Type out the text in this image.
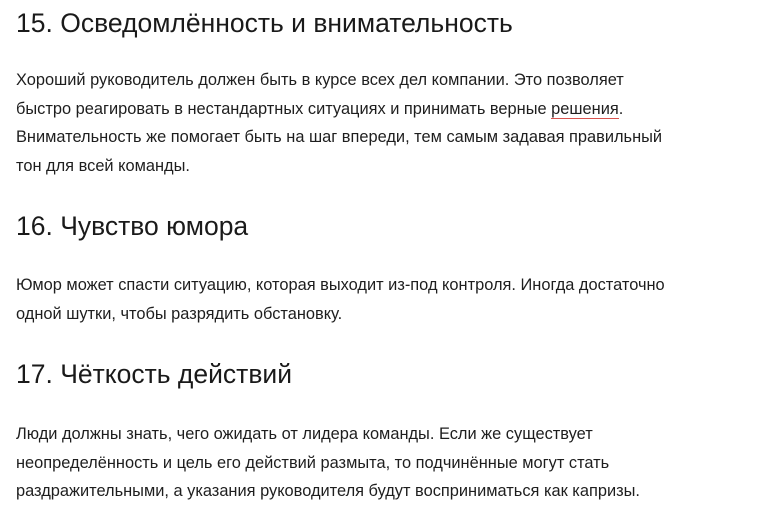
15. Осведомлённость и внимательность

Хороший руководитель должен быть в курсе всех дел компании. Это позволяет
быстро реагировать в нестандартных ситуациях и принимать верные решения.
Внимательность же помогает быть на шаг впереди, тем самым задавая правильный
тон для всей команды.

16. Чувство юмора

Юмор может спасти ситуацию, которая выходит из-под контроля. Иногда достаточно
одной шутки, чтобы разрядить обстановку.

17. Чёткость действий

Люди должны знать, чего ожидать от лидера команды. Если же существует
неопределённость и цель его действий размыта, то подчинённые могут стать
раздражительными, а указания руководителя будут восприниматься как капризы.
